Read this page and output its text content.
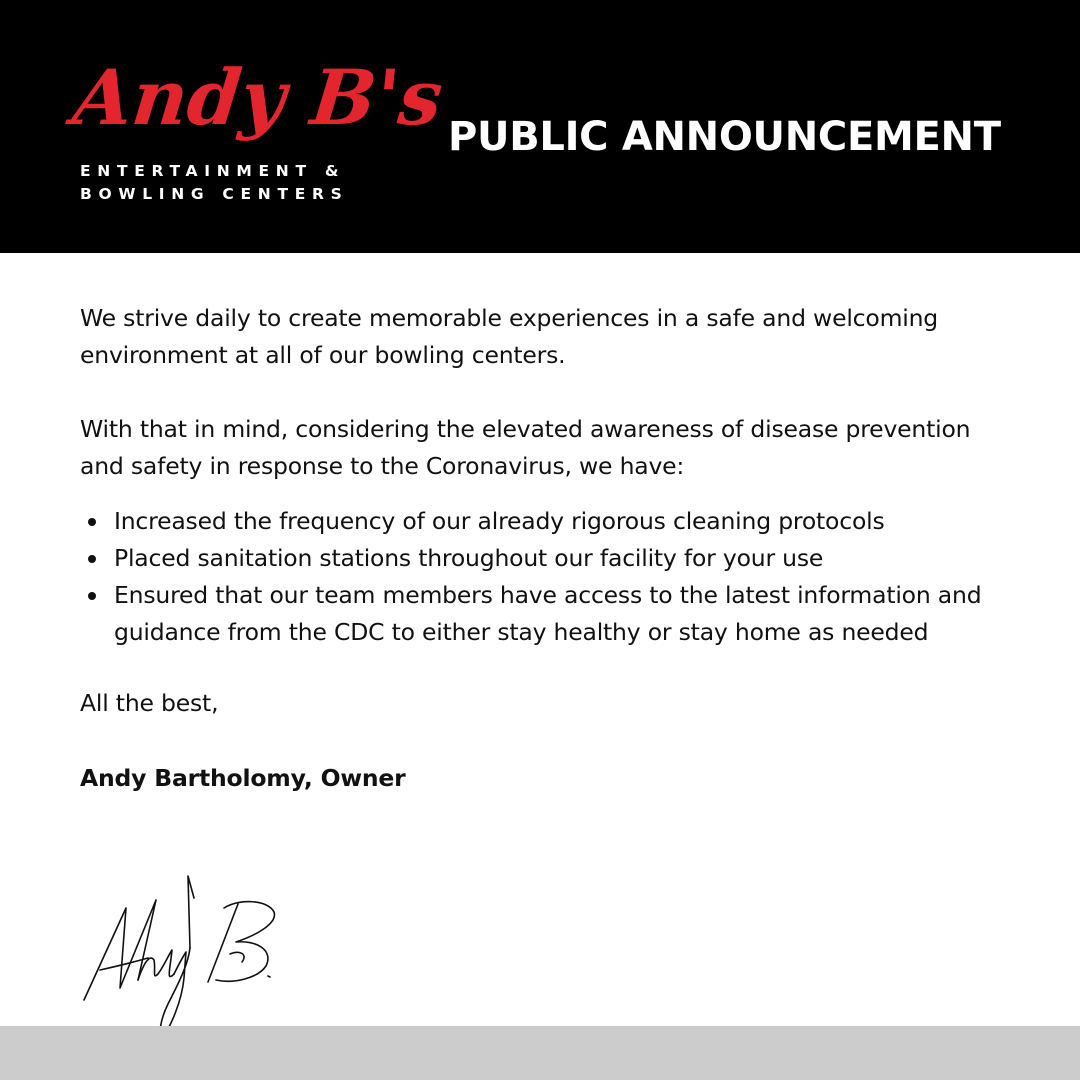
Andy B's
ENTERTAINMENT &
BOWLING CENTERS
PUBLIC ANNOUNCEMENT

We strive daily to create memorable experiences in a safe and welcoming environment at all of our bowling centers.

With that in mind, considering the elevated awareness of disease prevention and safety in response to the Coronavirus, we have:

Increased the frequency of our already rigorous cleaning protocols
Placed sanitation stations throughout our facility for your use
Ensured that our team members have access to the latest information and guidance from the CDC to either stay healthy or stay home as needed

All the best,

Andy Bartholomy, Owner
